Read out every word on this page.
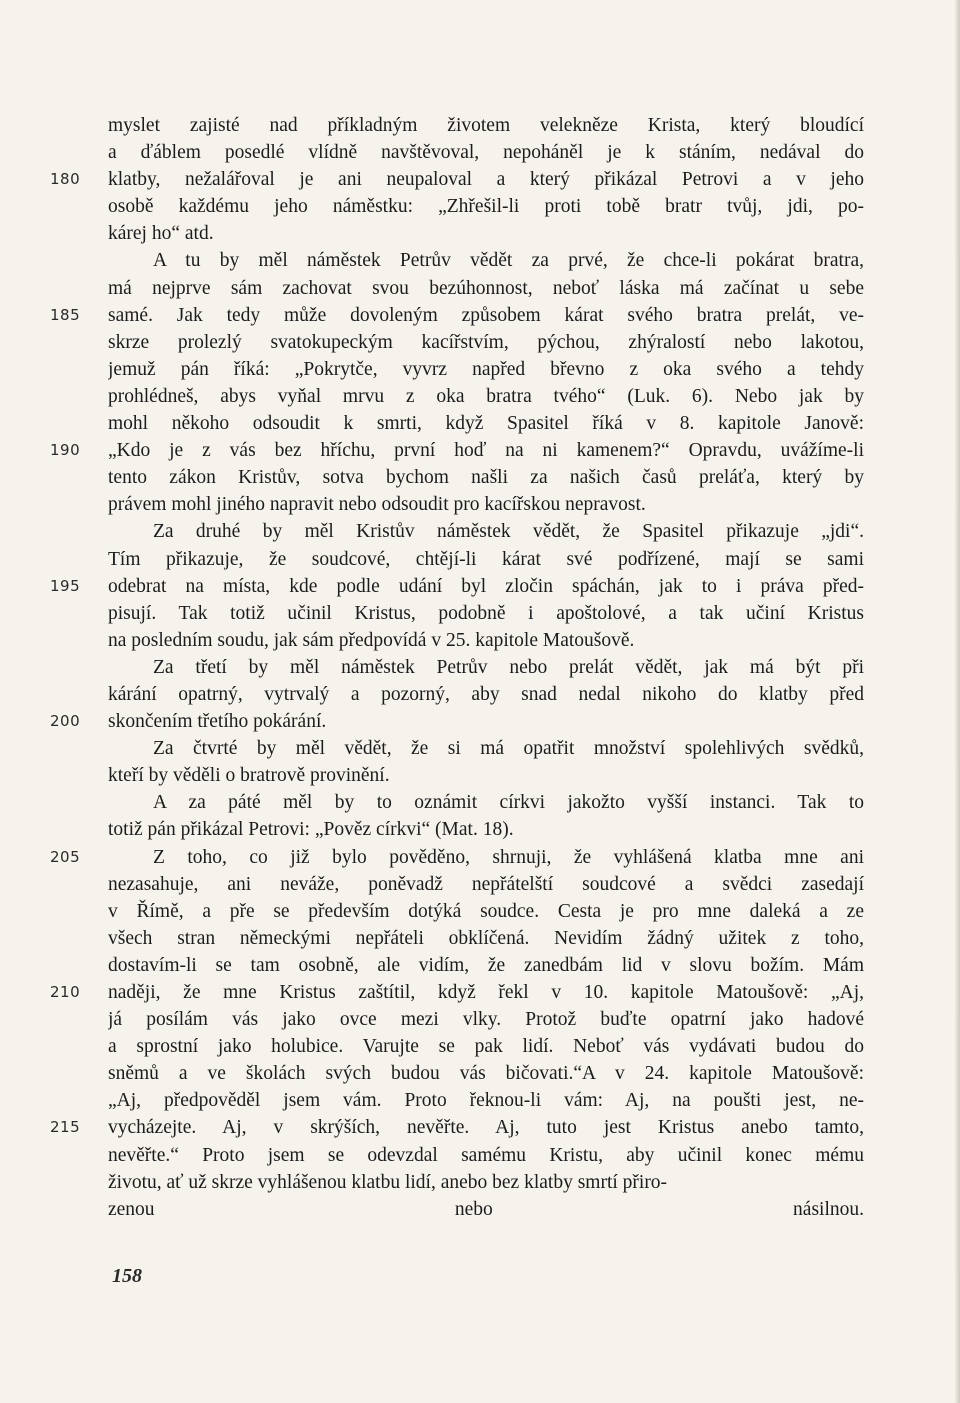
myslet zajisté nad příkladným životem velekněze Krista, který bloudící
a ďáblem posedlé vlídně navštěvoval, nepoháněl je k stáním, nedával do
180	klatby, nežalářoval je ani neupaloval a který přikázal Petrovi a v jeho
osobě každému jeho náměstku: „Zhřešil-li proti tobě bratr tvůj, jdi, po-
kárej ho“ atd.
A tu by měl náměstek Petrův vědět za prvé, že chce-li pokárat bratra,
má nejprve sám zachovat svou bezúhonnost, neboť láska má začínat u sebe
185	samé. Jak tedy může dovoleným způsobem kárat svého bratra prelát, ve-
skrze prolezlý svatokupeckým kacířstvím, pýchou, zhýralostí nebo lakotou,
jemuž pán říká: „Pokrytče, vyvrz napřed břevno z oka svého a tehdy
prohlédneš, abys vyňal mrvu z oka bratra tvého“ (Luk. 6). Nebo jak by
mohl někoho odsoudit k smrti, když Spasitel říká v 8. kapitole Janově:
190	„Kdo je z vás bez hříchu, první hoď na ni kamenem?“ Opravdu, uvážíme-li
tento zákon Kristův, sotva bychom našli za našich časů preláťa, který by
právem mohl jiného napravit nebo odsoudit pro kacířskou nepravost.
Za druhé by měl Kristův náměstek vědět, že Spasitel přikazuje „jdi“.
Tím přikazuje, že soudcové, chtějí-li kárat své podřízené, mají se sami
195	odebrat na místa, kde podle udání byl zločin spáchán, jak to i práva před-
pisují. Tak totiž učinil Kristus, podobně i apoštolové, a tak učiní Kristus
na posledním soudu, jak sám předpovídá v 25. kapitole Matoušově.
Za třetí by měl náměstek Petrův nebo prelát vědět, jak má být při
kárání opatrný, vytrvalý a pozorný, aby snad nedal nikoho do klatby před
200	skončením třetího pokárání.
Za čtvrté by měl vědět, že si má opatřit množství spolehlivých svědků,
kteří by věděli o bratrově provinění.
A za páté měl by to oznámit církvi jakožto vyšší instanci. Tak to
totiž pán přikázal Petrovi: „Pověz církvi“ (Mat. 18).
205	Z toho, co již bylo pověděno, shrnuji, že vyhlášená klatba mne ani
nezasahuje, ani neváže, poněvadž nepřátelští soudcové a svědci zasedají
v Římě, a pře se především dotýká soudce. Cesta je pro mne daleká a ze
všech stran německými nepřáteli obklíčená. Nevidím žádný užitek z toho,
dostavím-li se tam osobně, ale vidím, že zanedbám lid v slovu božím. Mám
210	naději, že mne Kristus zaštítil, když řekl v 10. kapitole Matoušově: „Aj,
já posílám vás jako ovce mezi vlky. Protož buďte opatrní jako hadové
a sprostní jako holubice. Varujte se pak lidí. Neboť vás vydávati budou do
sněmů a ve školách svých budou vás bičovati.“A v 24. kapitole Matoušově:
„Aj, předpověděl jsem vám. Proto řeknou-li vám: Aj, na poušti jest, ne-
215	vycházejte. Aj, v skrýších, nevěřte. Aj, tuto jest Kristus anebo tamto,
nevěřte.“ Proto jsem se odevzdal samému Kristu, aby učinil konec mému
životu, ať už skrze vyhlášenou klatbu lidí, anebo bez klatby smrtí přiro-
zenou nebo násilnou.
158
